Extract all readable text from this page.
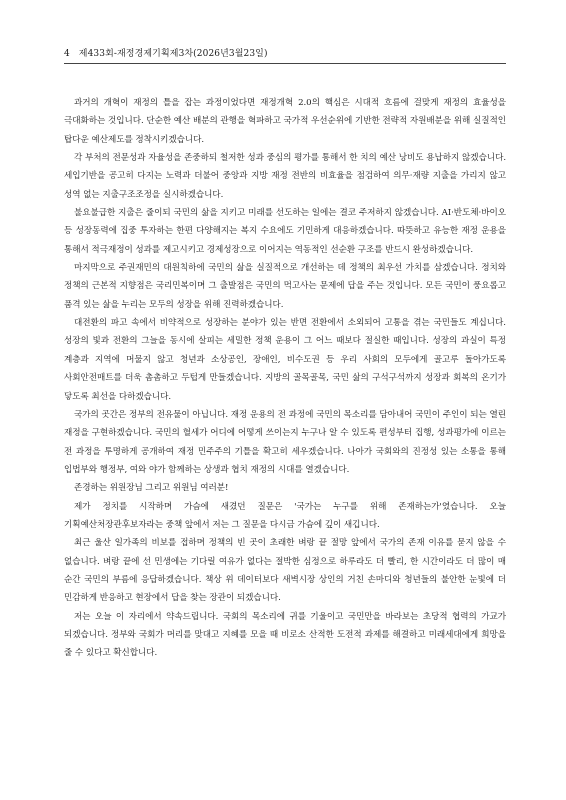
4 제433회-재정경제기획제3차(2026년3월23일)

과거의 개혁이 재정의 틀을 잡는 과정이었다면 재정개혁 2.0의 핵심은 시대적 흐름에 걸맞게 재정의 효율성을 극대화하는 것입니다. 단순한 예산 배분의 관행을 혁파하고 국가적 우선순위에 기반한 전략적 자원배분을 위해 실질적인 탑다운 예산제도를 정착시키겠습니다.

각 부처의 전문성과 자율성을 존중하되 철저한 성과 중심의 평가를 통해서 한 치의 예산 낭비도 용납하지 않겠습니다. 세입기반을 공고히 다지는 노력과 더불어 중앙과 지방 재정 전반의 비효율을 점검하여 의무·재량 지출을 가리지 않고 성역 없는 지출구조조정을 실시하겠습니다.

불요불급한 지출은 줄이되 국민의 삶을 지키고 미래를 선도하는 일에는 결코 주저하지 않겠습니다. AI·반도체·바이오 등 성장동력에 집중 투자하는 한편 다양해지는 복지 수요에도 기민하게 대응하겠습니다. 따뜻하고 유능한 재정 운용을 통해서 적극재정이 성과를 제고시키고 경제성장으로 이어지는 역동적인 선순환 구조를 반드시 완성하겠습니다.

마지막으로 주권재민의 대원칙하에 국민의 삶을 실질적으로 개선하는 데 정책의 최우선 가치를 삼겠습니다. 정치와 정책의 근본적 지향점은 국리민복이며 그 출발점은 국민의 먹고사는 문제에 답을 주는 것입니다. 모든 국민이 풍요롭고 품격 있는 삶을 누리는 모두의 성장을 위해 진력하겠습니다.

대전환의 파고 속에서 비약적으로 성장하는 분야가 있는 반면 전환에서 소외되어 고통을 겪는 국민들도 계십니다. 성장의 빛과 전환의 그늘을 동시에 살피는 세밀한 정책 운용이 그 어느 때보다 절실한 때입니다. 성장의 과실이 특정 계층과 지역에 머물지 않고 청년과 소상공인, 장애인, 비수도권 등 우리 사회의 모두에게 골고루 돌아가도록 사회안전매트를 더욱 촘촘하고 두텁게 만들겠습니다. 지방의 골목골목, 국민 삶의 구석구석까지 성장과 회복의 온기가 닿도록 최선을 다하겠습니다.

국가의 곳간은 정부의 전유물이 아닙니다. 재정 운용의 전 과정에 국민의 목소리를 담아내어 국민이 주인이 되는 열린 재정을 구현하겠습니다. 국민의 혈세가 어디에 어떻게 쓰이는지 누구나 알 수 있도록 편성부터 집행, 성과평가에 이르는 전 과정을 투명하게 공개하여 재정 민주주의 기틀을 확고히 세우겠습니다. 나아가 국회와의 진정성 있는 소통을 통해 입법부와 행정부, 여와 야가 함께하는 상생과 협치 재정의 시대를 열겠습니다.

존경하는 위원장님 그리고 위원님 여러분!

제가 정치를 시작하며 가슴에 새겼던 질문은 '국가는 누구를 위해 존재하는가'였습니다. 오늘 기획예산처장관후보자라는 중책 앞에서 저는 그 질문을 다시금 가슴에 깊이 새깁니다.

최근 울산 일가족의 비보를 접하며 정책의 빈 곳이 초래한 벼랑 끝 절망 앞에서 국가의 존재 이유를 묻지 않을 수 없습니다. 벼랑 끝에 선 민생에는 기다릴 여유가 없다는 절박한 심정으로 하루라도 더 빨리, 한 시간이라도 더 많이 매 순간 국민의 부름에 응답하겠습니다. 책상 위 데이터보다 새벽시장 상인의 거친 손마디와 청년들의 불안한 눈빛에 더 민감하게 반응하고 현장에서 답을 찾는 장관이 되겠습니다.

저는 오늘 이 자리에서 약속드립니다. 국회의 목소리에 귀를 기울이고 국민만을 바라보는 초당적 협력의 가교가 되겠습니다. 정부와 국회가 머리를 맞대고 지혜를 모을 때 비로소 산적한 도전적 과제를 해결하고 미래세대에게 희망을 줄 수 있다고 확신합니다.
